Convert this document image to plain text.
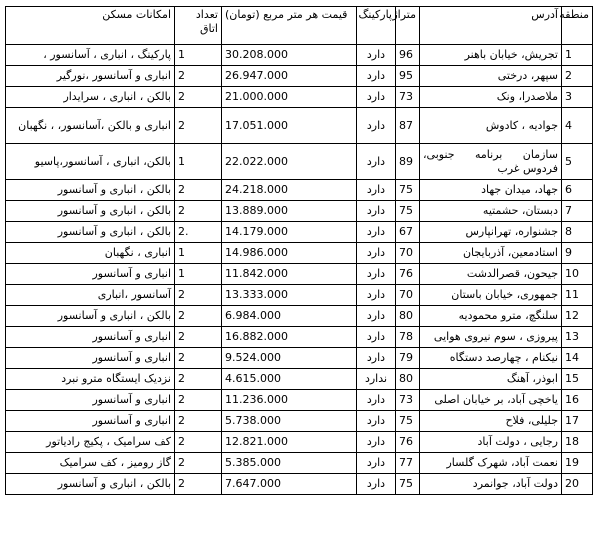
منطقه	آدرس	متراژ	پارکینگ	قیمت هر متر مربع (تومان)	تعداد اتاق	امکانات مسکن
1	تجریش، خیابان باهنر	96	دارد	30.208.000	1	پارکینگ ، انباری ، آسانسور ،
2	سپهر، درختی	95	دارد	26.947.000	2	انباری و آسانسور ،نورگیر
3	ملاصدرا، ونک	73	دارد	21.000.000	2	بالکن ، انباری ، سرایدار
4	جوادیه ، کادوش	87	دارد	17.051.000	2	انباری و بالکن ،آسانسور، ، نگهبان
5	سازمان برنامه جنوبی، فردوس غرب	89	دارد	22.022.000	1	بالکن، انباری ، آسانسور،پاسیو
6	جهاد، میدان جهاد	75	دارد	24.218.000	2	بالکن ، انباری و آسانسور
7	دبستان، حشمتیه	75	دارد	13.889.000	2	بالکن ، انباری و آسانسور
8	جشنواره، تهرانپارس	67	دارد	14.179.000	.2	بالکن ، انباری و آسانسور
9	استادمعین، آذربایجان	70	دارد	14.986.000	1	انباری ، نگهبان
10	جیحون، قصرالدشت	76	دارد	11.842.000	1	انباری و آسانسور
11	جمهوری، خیابان باستان	70	دارد	13.333.000	2	آسانسور ،انباری
12	سلنگچ، مترو محمودیه	80	دارد	6.984.000	2	بالکن ، انباری و آسانسور
13	پیروزی ، سوم نیروی هوایی	78	دارد	16.882.000	2	انباری و آسانسور
14	نیکنام ، چهارصد دستگاه	79	دارد	9.524.000	2	انباری و آسانسور
15	ابوذر، آهنگ	80	ندارد	4.615.000	2	نزدیک ایستگاه مترو نبرد
16	یاخچی آباد، بر خیابان اصلی	73	دارد	11.236.000	2	انباری و آسانسور
17	جلیلی، فلاح	75	دارد	5.738.000	2	انباری و آسانسور
18	رجایی ، دولت آباد	76	دارد	12.821.000	2	کف سرامیک ، پکیج رادیاتور
19	نعمت آباد، شهرک گلسار	77	دارد	5.385.000	2	گاز رومیز ، کف سرامیک
20	دولت آباد، جوانمرد	75	دارد	7.647.000	2	بالکن ، انباری و آسانسور
